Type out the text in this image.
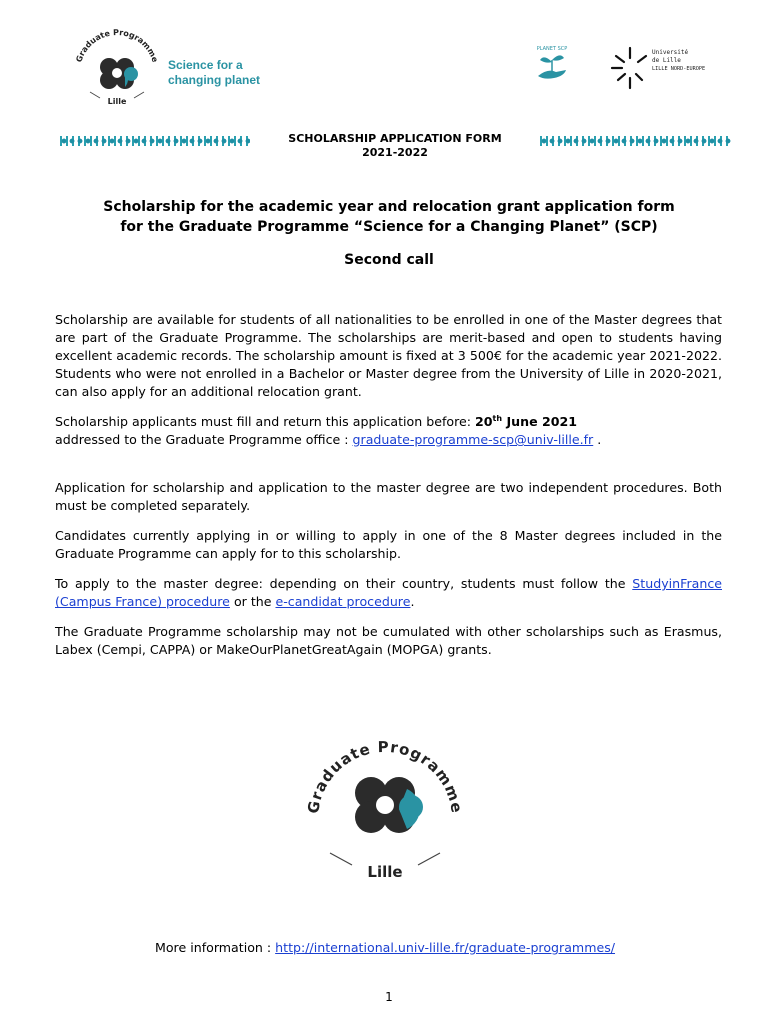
Graduate Programme
Lille
Science for a
changing planet
PLANET SCP	Université
de Lille
LILLE NORD-EUROPE
SCHOLARSHIP APPLICATION FORM
2021-2022
Scholarship for the academic year and relocation grant application form
for the Graduate Programme “Science for a Changing Planet” (SCP)
Second call

Scholarship are available for students of all nationalities to be enrolled in one of the Master degrees that are part of the Graduate Programme. The scholarships are merit-based and open to students having excellent academic records. The scholarship amount is fixed at 3 500€ for the academic year 2021-2022. Students who were not enrolled in a Bachelor or Master degree from the University of Lille in 2020-2021, can also apply for an additional relocation grant.

Scholarship applicants must fill and return this application before: 20th June 2021
addressed to the Graduate Programme office : graduate-programme-scp@univ-lille.fr .

Application for scholarship and application to the master degree are two independent procedures. Both must be completed separately.

Candidates currently applying in or willing to apply in one of the 8 Master degrees included in the Graduate Programme can apply for to this scholarship.

To apply to the master degree: depending on their country, students must follow the StudyinFrance (Campus France) procedure or the e-candidat procedure.

The Graduate Programme scholarship may not be cumulated with other scholarships such as Erasmus, Labex (Cempi, CAPPA) or MakeOurPlanetGreatAgain (MOPGA) grants.

Graduate Programme
Lille
More information : http://international.univ-lille.fr/graduate-programmes/
1
